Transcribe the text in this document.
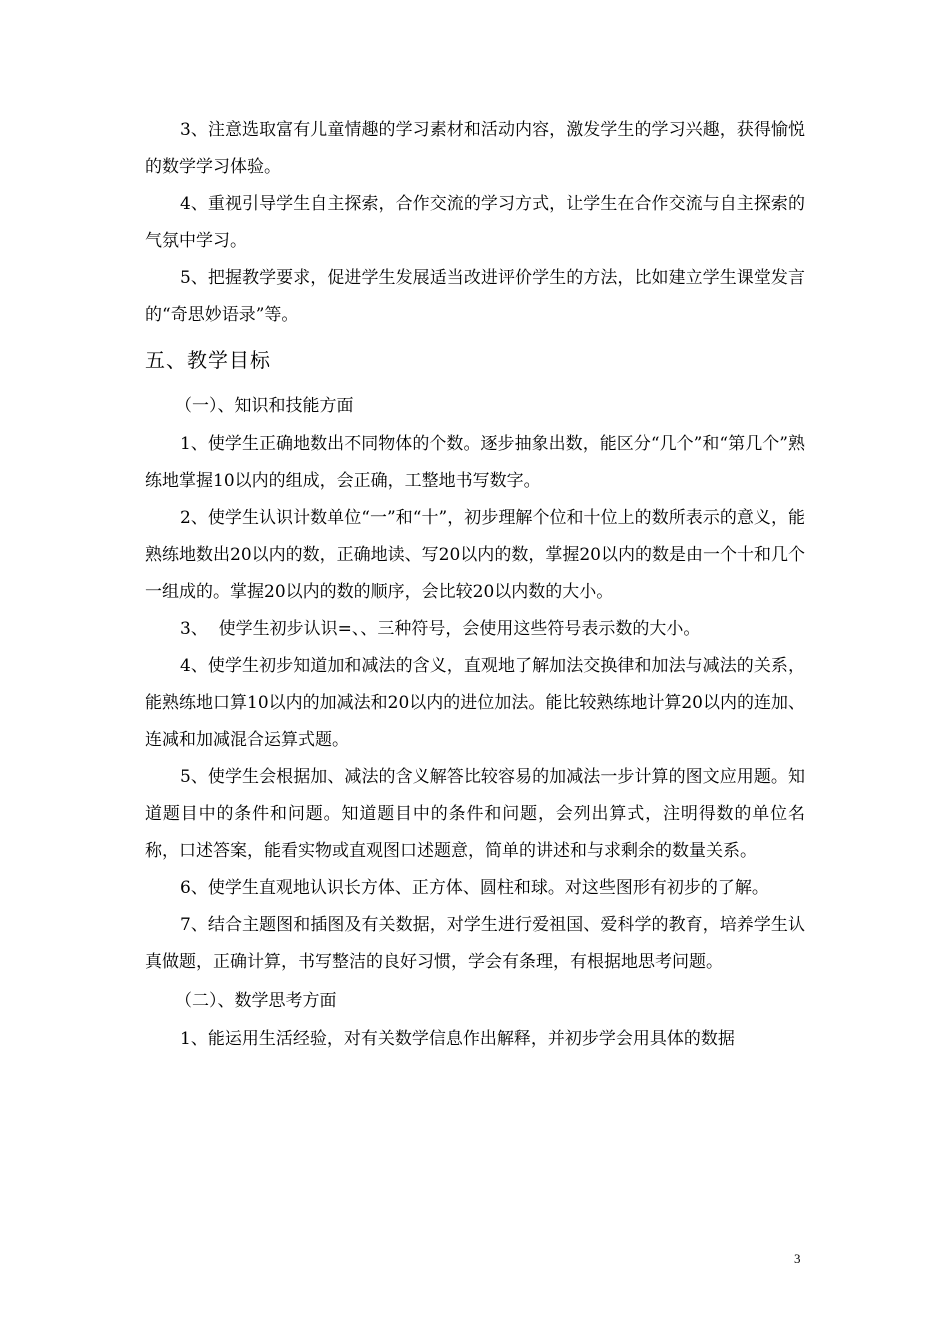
3、注意选取富有儿童情趣的学习素材和活动内容，激发学生的学习兴趣，获得愉悦的数学学习体验。

4、重视引导学生自主探索，合作交流的学习方式，让学生在合作交流与自主探索的气氛中学习。

5、把握教学要求，促进学生发展适当改进评价学生的方法，比如建立学生课堂发言的“奇思妙语录”等。

五、教学目标

（一）、知识和技能方面

1、使学生正确地数出不同物体的个数。逐步抽象出数，能区分“几个”和“第几个”熟练地掌握10以内的组成，会正确，工整地书写数字。

2、使学生认识计数单位“一”和“十”，初步理解个位和十位上的数所表示的意义，能熟练地数出20以内的数，正确地读、写20以内的数，掌握20以内的数是由一个十和几个一组成的。掌握20以内的数的顺序，会比较20以内数的大小。

3、  使学生初步认识=、、三种符号，会使用这些符号表示数的大小。

4、使学生初步知道加和减法的含义，直观地了解加法交换律和加法与减法的关系，能熟练地口算10以内的加减法和20以内的进位加法。能比较熟练地计算20以内的连加、连减和加减混合运算式题。

5、使学生会根据加、减法的含义解答比较容易的加减法一步计算的图文应用题。知道题目中的条件和问题。知道题目中的条件和问题，会列出算式，注明得数的单位名称，口述答案，能看实物或直观图口述题意，简单的讲述和与求剩余的数量关系。

6、使学生直观地认识长方体、正方体、圆柱和球。对这些图形有初步的了解。

7、结合主题图和插图及有关数据，对学生进行爱祖国、爱科学的教育，培养学生认真做题，正确计算，书写整洁的良好习惯，学会有条理，有根据地思考问题。

（二）、数学思考方面

1、能运用生活经验，对有关数学信息作出解释，并初步学会用具体的数据

3
